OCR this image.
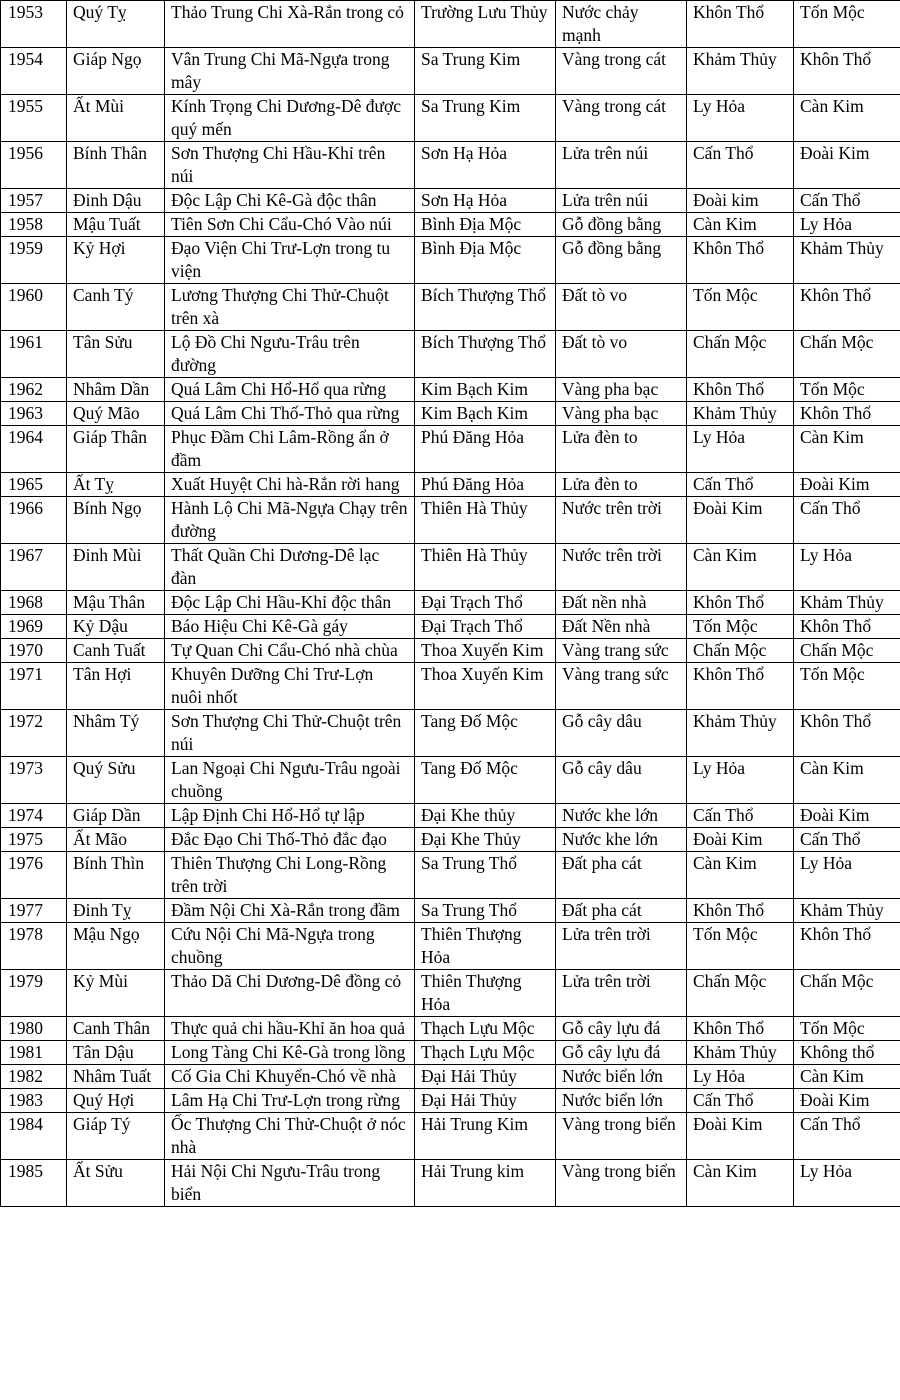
1953	Quý Tỵ	Thảo Trung Chi Xà-Rắn trong cỏ	Trường Lưu Thủy	Nước chảy mạnh	Khôn Thổ	Tốn Mộc
1954	Giáp Ngọ	Vân Trung Chi Mã-Ngựa trong mây	Sa Trung Kim	Vàng trong cát	Khảm Thủy	Khôn Thổ
1955	Ất Mùi	Kính Trọng Chi Dương-Dê được quý mến	Sa Trung Kim	Vàng trong cát	Ly Hỏa	Càn Kim
1956	Bính Thân	Sơn Thượng Chi Hầu-Khỉ trên núi	Sơn Hạ Hỏa	Lửa trên núi	Cấn Thổ	Đoài Kim
1957	Đinh Dậu	Độc Lập Chi Kê-Gà độc thân	Sơn Hạ Hỏa	Lửa trên núi	Đoài kim	Cấn Thổ
1958	Mậu Tuất	Tiên Sơn Chi Cẩu-Chó Vào núi	Bình Địa Mộc	Gỗ đồng bằng	Càn Kim	Ly Hỏa
1959	Kỷ Hợi	Đạo Viện Chi Trư-Lợn trong tu viện	Bình Địa Mộc	Gỗ đồng bằng	Khôn Thổ	Khảm Thủy
1960	Canh Tý	Lương Thượng Chi Thử-Chuột trên xà	Bích Thượng Thổ	Đất tò vo	Tốn Mộc	Khôn Thổ
1961	Tân Sửu	Lộ Đồ Chi Ngưu-Trâu trên đường	Bích Thượng Thổ	Đất tò vo	Chấn Mộc	Chấn Mộc
1962	Nhâm Dần	Quá Lâm Chi Hổ-Hổ qua rừng	Kim Bạch Kim	Vàng pha bạc	Khôn Thổ	Tốn Mộc
1963	Quý Mão	Quá Lâm Chi Thố-Thỏ qua rừng	Kim Bạch Kim	Vàng pha bạc	Khảm Thủy	Khôn Thổ
1964	Giáp Thân	Phục Đầm Chi Lâm-Rồng ẩn ở đầm	Phú Đăng Hỏa	Lửa đèn to	Ly Hỏa	Càn Kim
1965	Ất Tỵ	Xuất Huyệt Chi hà-Rắn rời hang	Phú Đăng Hỏa	Lửa đèn to	Cấn Thổ	Đoài Kim
1966	Bính Ngọ	Hành Lộ Chi Mã-Ngựa Chạy trên đường	Thiên Hà Thủy	Nước trên trời	Đoài Kim	Cấn Thổ
1967	Đinh Mùi	Thất Quần Chi Dương-Dê lạc đàn	Thiên Hà Thủy	Nước trên trời	Càn Kim	Ly Hỏa
1968	Mậu Thân	Độc Lập Chi Hầu-Khỉ độc thân	Đại Trạch Thổ	Đất nền nhà	Khôn Thổ	Khảm Thủy
1969	Kỷ Dậu	Báo Hiệu Chi Kê-Gà gáy	Đại Trạch Thổ	Đất Nền nhà	Tốn Mộc	Khôn Thổ
1970	Canh Tuất	Tự Quan Chi Cẩu-Chó nhà chùa	Thoa Xuyến Kim	Vàng trang sức	Chấn Mộc	Chấn Mộc
1971	Tân Hợi	Khuyên Dưỡng Chi Trư-Lợn nuôi nhốt	Thoa Xuyến Kim	Vàng trang sức	Khôn Thổ	Tốn Mộc
1972	Nhâm Tý	Sơn Thượng Chi Thử-Chuột trên núi	Tang Đố Mộc	Gỗ cây dâu	Khảm Thủy	Khôn Thổ
1973	Quý Sửu	Lan Ngoại Chi Ngưu-Trâu ngoài chuồng	Tang Đố Mộc	Gỗ cây dâu	Ly Hỏa	Càn Kim
1974	Giáp Dần	Lập Định Chi Hổ-Hổ tự lập	Đại Khe thủy	Nước khe lớn	Cấn Thổ	Đoài Kim
1975	Ất Mão	Đắc Đạo Chi Thố-Thỏ đắc đạo	Đại Khe Thủy	Nước khe lớn	Đoài Kim	Cấn Thổ
1976	Bính Thìn	Thiên Thượng Chi Long-Rồng trên trời	Sa Trung Thổ	Đất pha cát	Càn Kim	Ly Hỏa
1977	Đinh Tỵ	Đầm Nội Chi Xà-Rắn trong đầm	Sa Trung Thổ	Đất pha cát	Khôn Thổ	Khảm Thủy
1978	Mậu Ngọ	Cứu Nội Chi Mã-Ngựa trong chuồng	Thiên Thượng Hỏa	Lửa trên trời	Tốn Mộc	Khôn Thổ
1979	Kỷ Mùi	Thảo Dã Chi Dương-Dê đồng cỏ	Thiên Thượng Hỏa	Lửa trên trời	Chấn Mộc	Chấn Mộc
1980	Canh Thân	Thực quả chi hầu-Khỉ ăn hoa quả	Thạch Lựu Mộc	Gỗ cây lựu đá	Khôn Thổ	Tốn Mộc
1981	Tân Dậu	Long Tàng Chi Kê-Gà trong lồng	Thạch Lựu Mộc	Gỗ cây lựu đá	Khảm Thủy	Không thổ
1982	Nhâm Tuất	Cố Gia Chi Khuyển-Chó về nhà	Đại Hải Thủy	Nước biển lớn	Ly Hỏa	Càn Kim
1983	Quý Hợi	Lâm Hạ Chi Trư-Lợn trong rừng	Đại Hải Thủy	Nước biển lớn	Cấn Thổ	Đoài Kim
1984	Giáp Tý	Ốc Thượng Chi Thử-Chuột ở nóc nhà	Hải Trung Kim	Vàng trong biển	Đoài Kim	Cấn Thổ
1985	Ất Sửu	Hải Nội Chi Ngưu-Trâu trong biển	Hải Trung kim	Vàng trong biển	Càn Kim	Ly Hỏa
